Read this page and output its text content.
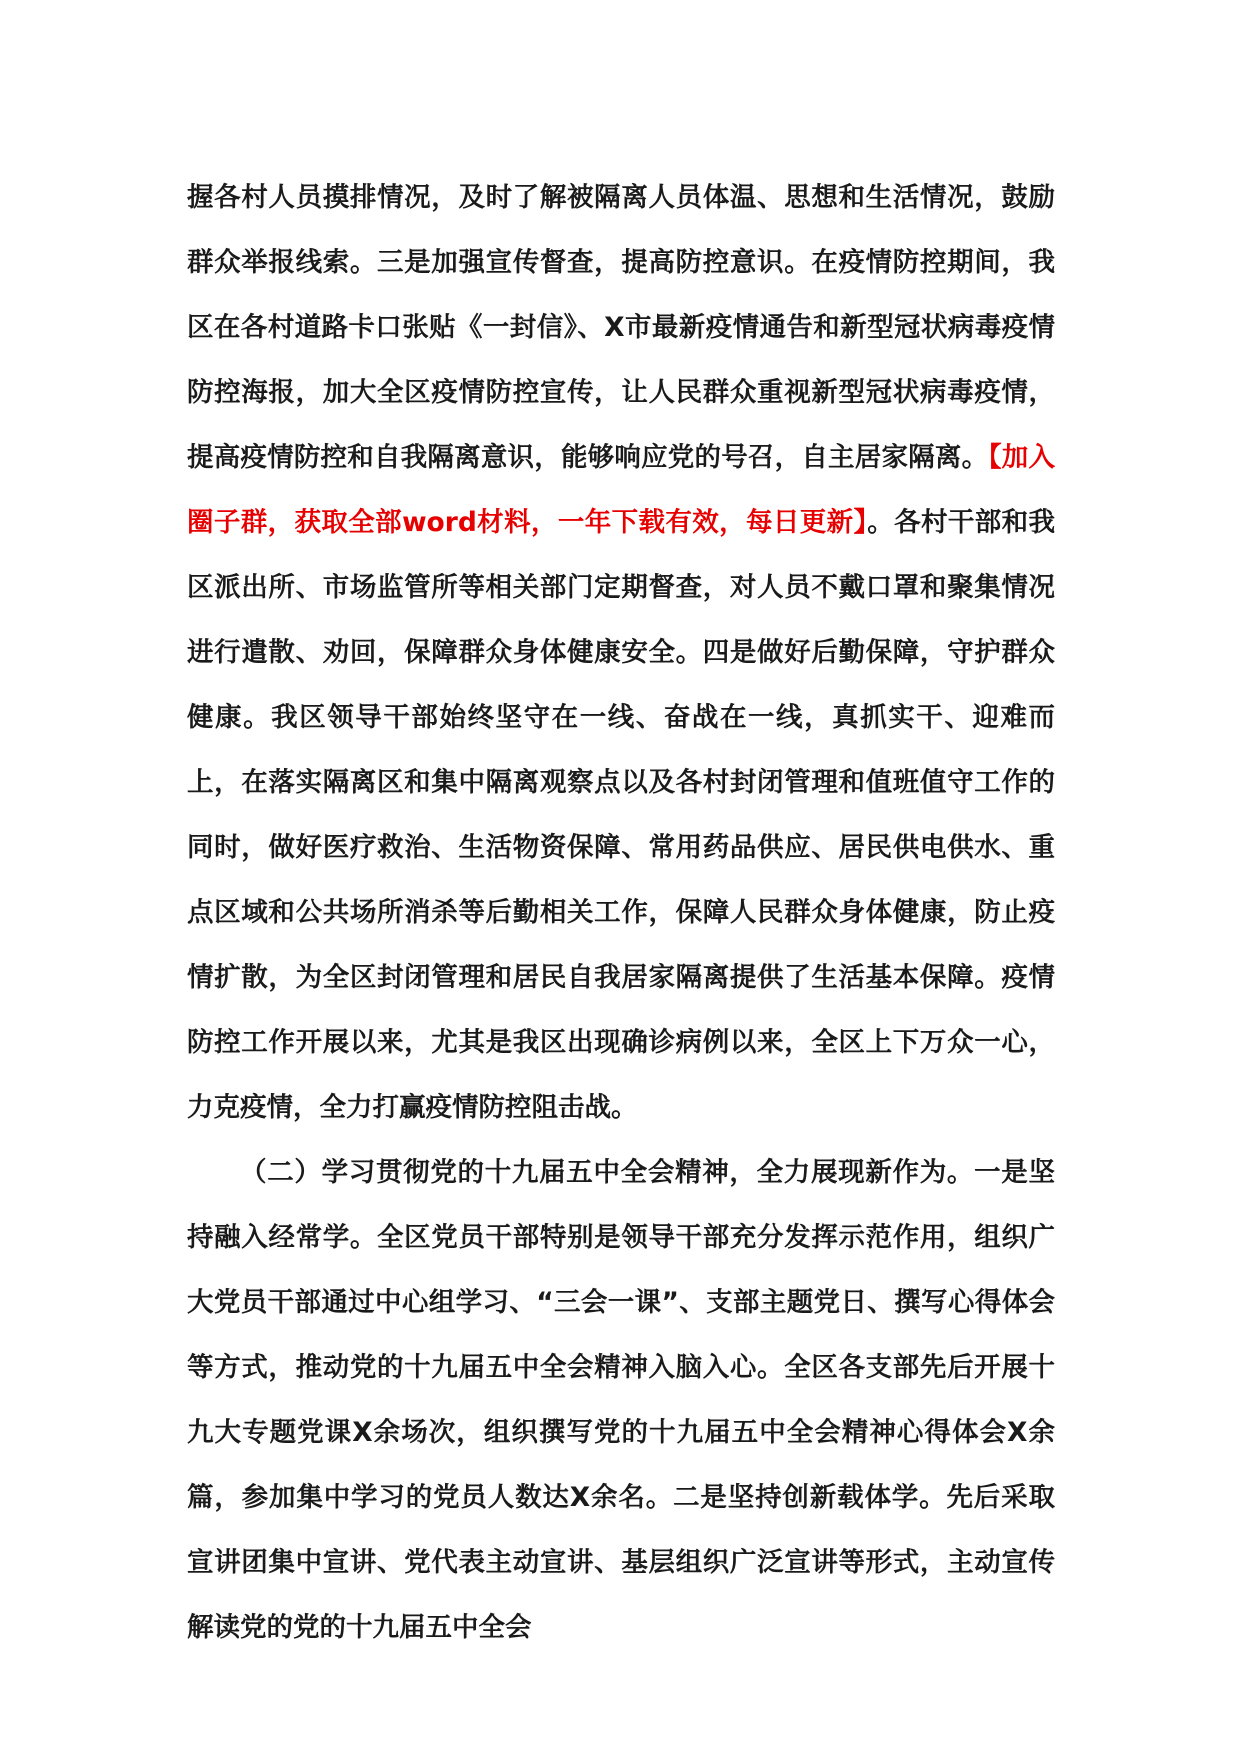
握各村人员摸排情况，及时了解被隔离人员体温、思想和生活情况，鼓励群众举报线索。三是加强宣传督查，提高防控意识。在疫情防控期间，我区在各村道路卡口张贴《一封信》、X市最新疫情通告和新型冠状病毒疫情防控海报，加大全区疫情防控宣传，让人民群众重视新型冠状病毒疫情，提高疫情防控和自我隔离意识，能够响应党的号召，自主居家隔离。【加入圈子群，获取全部word材料，一年下载有效，每日更新】。各村干部和我区派出所、市场监管所等相关部门定期督查，对人员不戴口罩和聚集情况进行遣散、劝回，保障群众身体健康安全。四是做好后勤保障，守护群众健康。我区领导干部始终坚守在一线、奋战在一线，真抓实干、迎难而上，在落实隔离区和集中隔离观察点以及各村封闭管理和值班值守工作的同时，做好医疗救治、生活物资保障、常用药品供应、居民供电供水、重点区域和公共场所消杀等后勤相关工作，保障人民群众身体健康，防止疫情扩散，为全区封闭管理和居民自我居家隔离提供了生活基本保障。疫情防控工作开展以来，尤其是我区出现确诊病例以来，全区上下万众一心，力克疫情，全力打赢疫情防控阻击战。

（二）学习贯彻党的十九届五中全会精神，全力展现新作为。一是坚持融入经常学。全区党员干部特别是领导干部充分发挥示范作用，组织广大党员干部通过中心组学习、“三会一课”、支部主题党日、撰写心得体会等方式，推动党的十九届五中全会精神入脑入心。全区各支部先后开展十九大专题党课X余场次，组织撰写党的十九届五中全会精神心得体会X余篇，参加集中学习的党员人数达X余名。二是坚持创新载体学。先后采取宣讲团集中宣讲、党代表主动宣讲、基层组织广泛宣讲等形式，主动宣传解读党的党的十九届五中全会
